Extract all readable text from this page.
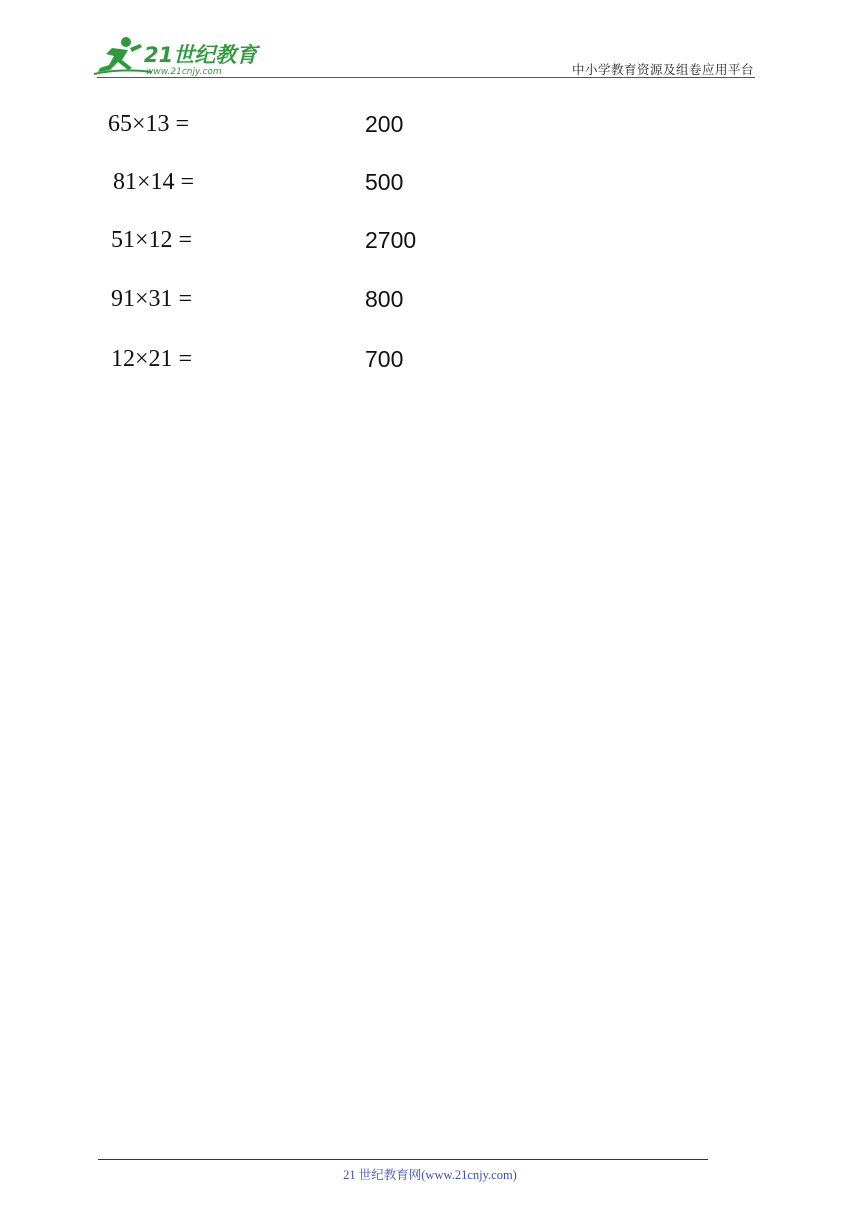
21世纪教育
www.21cnjy.com	中小学教育资源及组卷应用平台
65×13 =	200
81×14 =	500
51×12 =	2700
91×31 =	800
12×21 =	700
21 世纪教育网(www.21cnjy.com)
